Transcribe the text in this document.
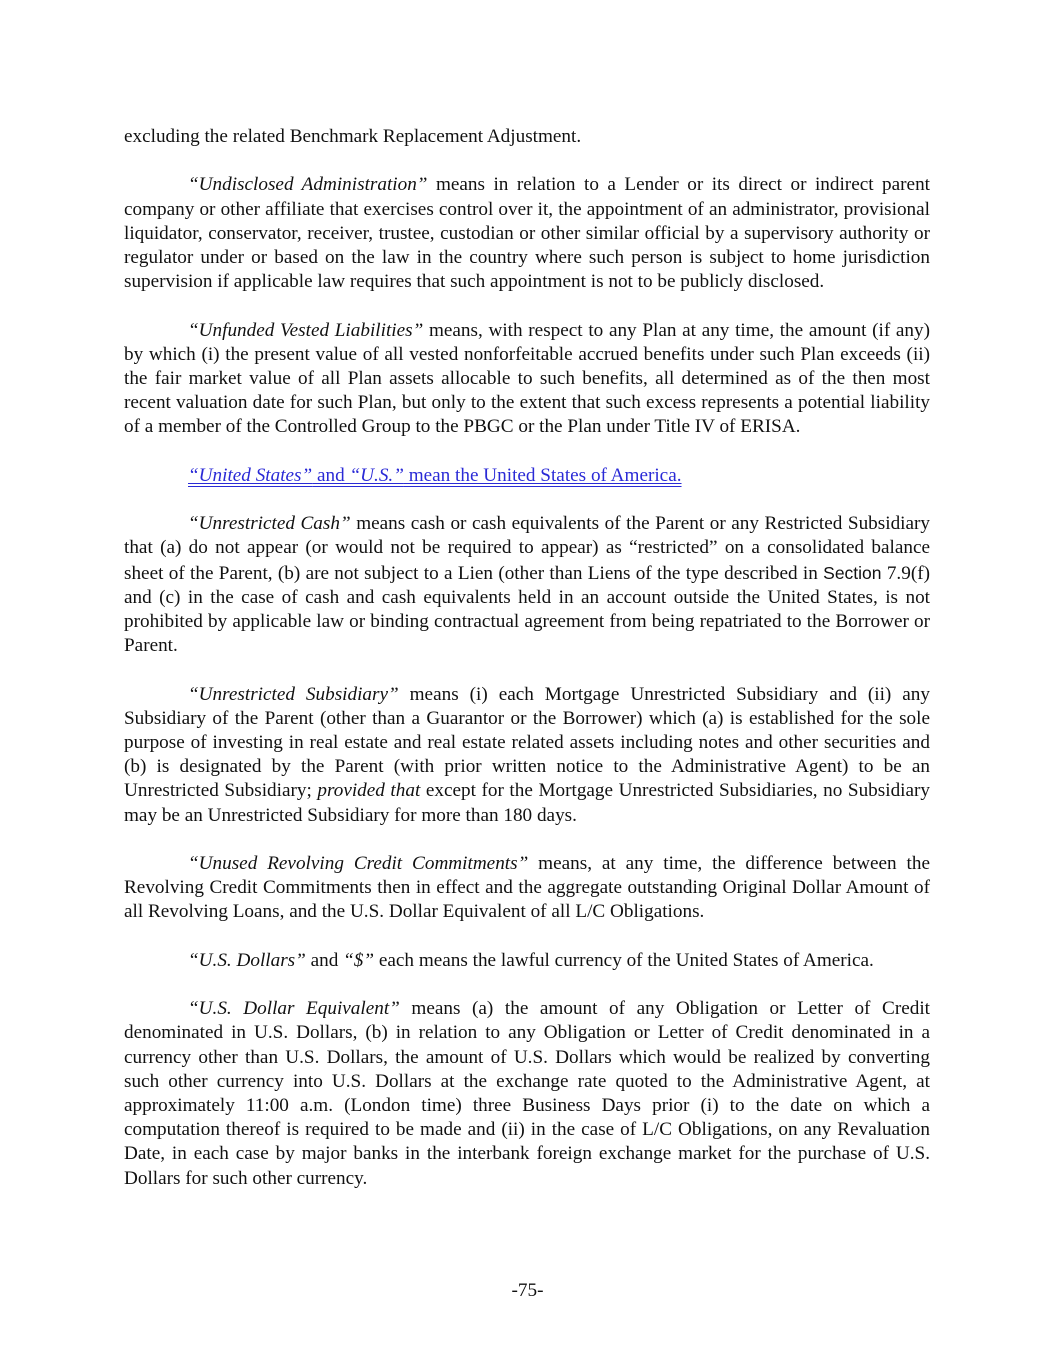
excluding the related Benchmark Replacement Adjustment.

“Undisclosed Administration” means in relation to a Lender or its direct or indirect parent company or other affiliate that exercises control over it, the appointment of an administrator, provisional liquidator, conservator, receiver, trustee, custodian or other similar official by a supervisory authority or regulator under or based on the law in the country where such person is subject to home jurisdiction supervision if applicable law requires that such appointment is not to be publicly disclosed.

“Unfunded Vested Liabilities” means, with respect to any Plan at any time, the amount (if any) by which (i) the present value of all vested nonforfeitable accrued benefits under such Plan exceeds (ii) the fair market value of all Plan assets allocable to such benefits, all determined as of the then most recent valuation date for such Plan, but only to the extent that such excess represents a potential liability of a member of the Controlled Group to the PBGC or the Plan under Title IV of ERISA.

“United States” and “U.S.” mean the United States of America.

“Unrestricted Cash” means cash or cash equivalents of the Parent or any Restricted Subsidiary that (a) do not appear (or would not be required to appear) as “restricted” on a consolidated balance sheet of the Parent, (b) are not subject to a Lien (other than Liens of the type described in Section 7.9(f) and (c) in the case of cash and cash equivalents held in an account outside the United States, is not prohibited by applicable law or binding contractual agreement from being repatriated to the Borrower or Parent.

“Unrestricted Subsidiary” means (i) each Mortgage Unrestricted Subsidiary and (ii) any Subsidiary of the Parent (other than a Guarantor or the Borrower) which (a) is established for the sole purpose of investing in real estate and real estate related assets including notes and other securities and (b) is designated by the Parent (with prior written notice to the Administrative Agent) to be an Unrestricted Subsidiary; provided that except for the Mortgage Unrestricted Subsidiaries, no Subsidiary may be an Unrestricted Subsidiary for more than 180 days.

“Unused Revolving Credit Commitments” means, at any time, the difference between the Revolving Credit Commitments then in effect and the aggregate outstanding Original Dollar Amount of all Revolving Loans, and the U.S. Dollar Equivalent of all L/C Obligations.

“U.S. Dollars” and “$” each means the lawful currency of the United States of America.

“U.S. Dollar Equivalent” means (a) the amount of any Obligation or Letter of Credit denominated in U.S. Dollars, (b) in relation to any Obligation or Letter of Credit denominated in a currency other than U.S. Dollars, the amount of U.S. Dollars which would be realized by converting such other currency into U.S. Dollars at the exchange rate quoted to the Administrative Agent, at approximately 11:00 a.m. (London time) three Business Days prior (i) to the date on which a computation thereof is required to be made and (ii) in the case of L/C Obligations, on any Revaluation Date, in each case by major banks in the interbank foreign exchange market for the purchase of U.S. Dollars for such other currency.

-75-
